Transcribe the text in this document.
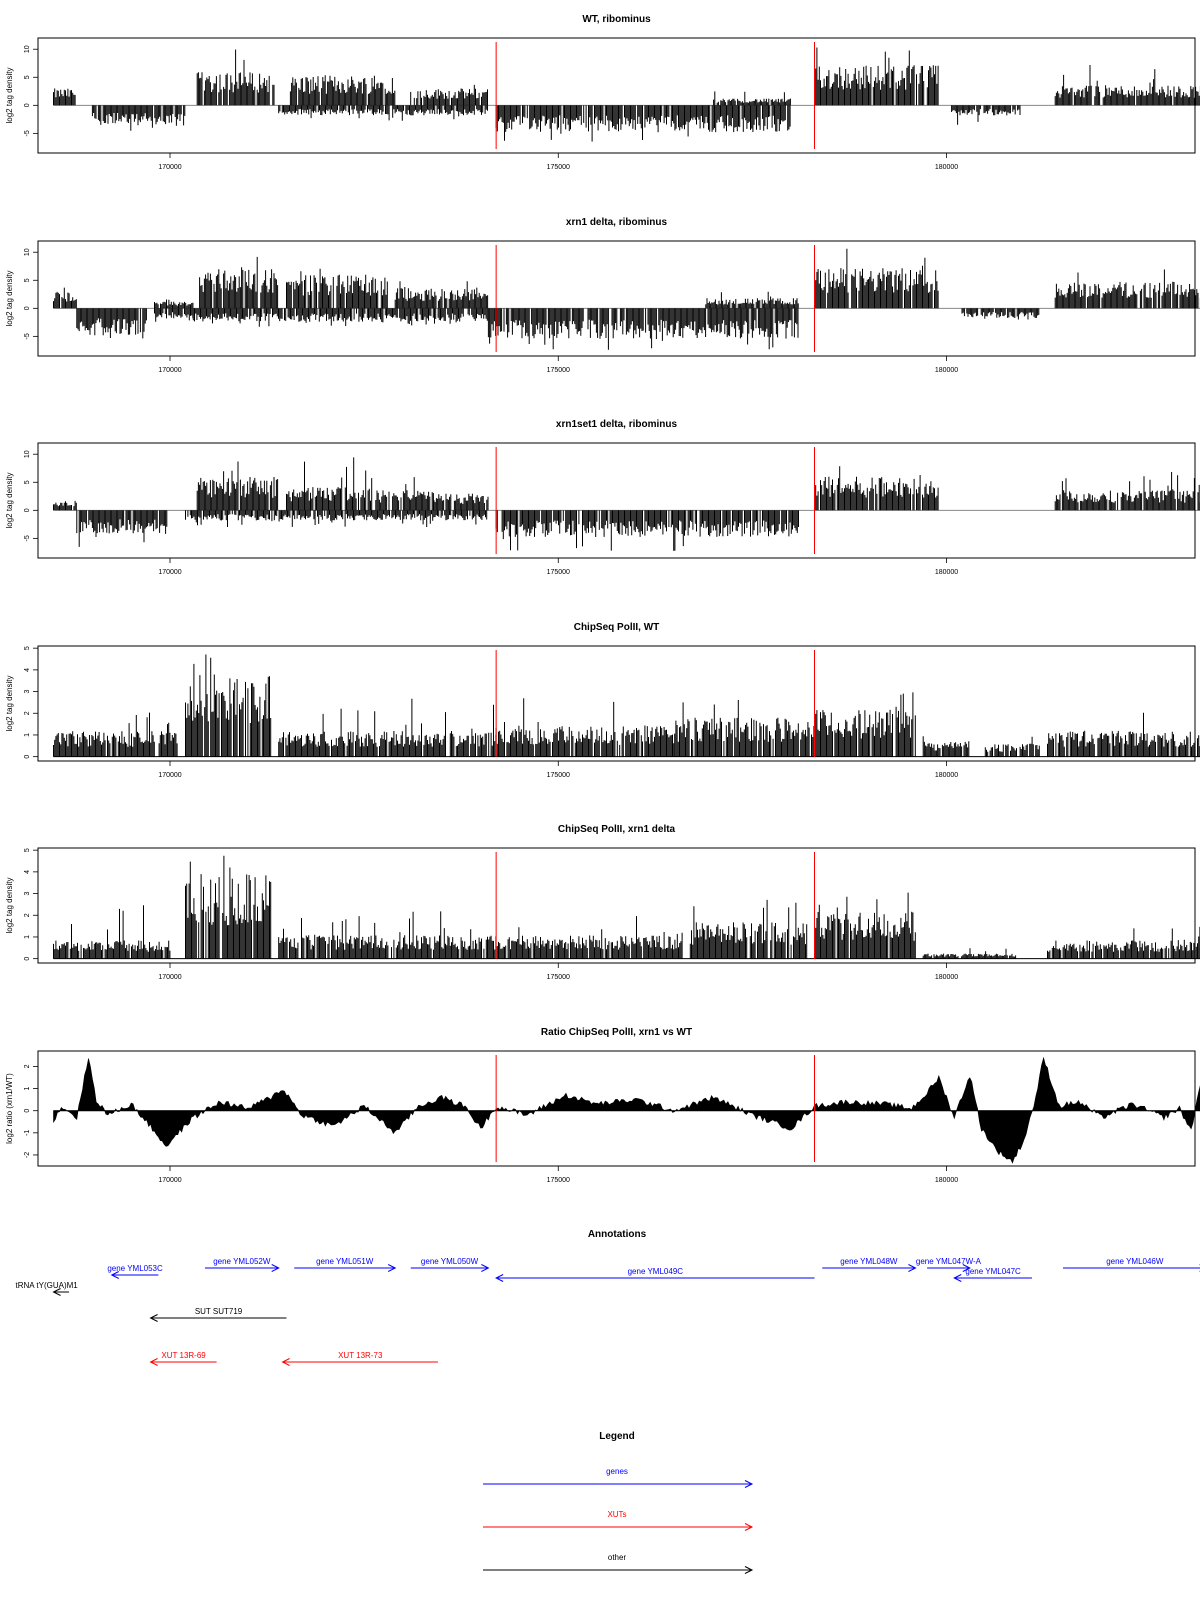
WT, ribominus
log2 tag density
-5
0
5
10
170000	175000	180000
xrn1 delta, ribominus
log2 tag density
-5
0
5
10
170000	175000	180000
xrn1set1 delta, ribominus
log2 tag density
-5
0
5
10
170000	175000	180000
ChipSeq PolII, WT
log2 tag density
0
1
2
3
4
5
170000	175000	180000
ChipSeq PolII, xrn1 delta
log2 tag density
0
1
2
3
4
5
170000	175000	180000
Ratio ChipSeq PolII, xrn1 vs WT
log2 ratio (xrn1/WT)
-2
-1
0
1
2
170000	175000	180000
Annotations
tRNA tY(GUA)M1
gene YML053C
gene YML052W	gene YML051W	gene YML050W
gene YML049C
gene YML048W gene YML047W-A
gene YML047C
gene YML046W
SUT SUT719
XUT 13R-69	XUT 13R-73
Legend
genes
XUTs
other
